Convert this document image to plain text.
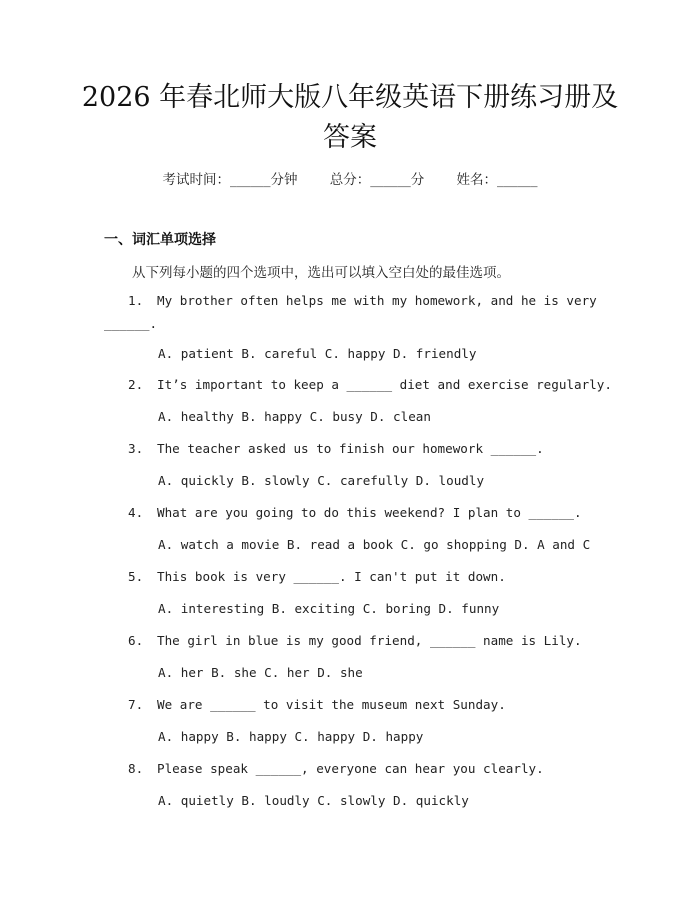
2026 年春北师大版八年级英语下册练习册及答案
考试时间：______分钟 总分：______分 姓名：______
一、词汇单项选择
从下列每小题的四个选项中，选出可以填入空白处的最佳选项。
1. My brother often helps me with my homework, and he is very
______.
A. patient B. careful C. happy D. friendly
2. It’s important to keep a ______ diet and exercise regularly.
A. healthy B. happy C. busy D. clean
3. The teacher asked us to finish our homework ______.
A. quickly B. slowly C. carefully D. loudly
4. What are you going to do this weekend? I plan to ______.
A. watch a movie B. read a book C. go shopping D. A and C
5. This book is very ______. I can't put it down.
A. interesting B. exciting C. boring D. funny
6. The girl in blue is my good friend, ______ name is Lily.
A. her B. she C. her D. she
7. We are ______ to visit the museum next Sunday.
A. happy B. happy C. happy D. happy
8. Please speak ______, everyone can hear you clearly.
A. quietly B. loudly C. slowly D. quickly
